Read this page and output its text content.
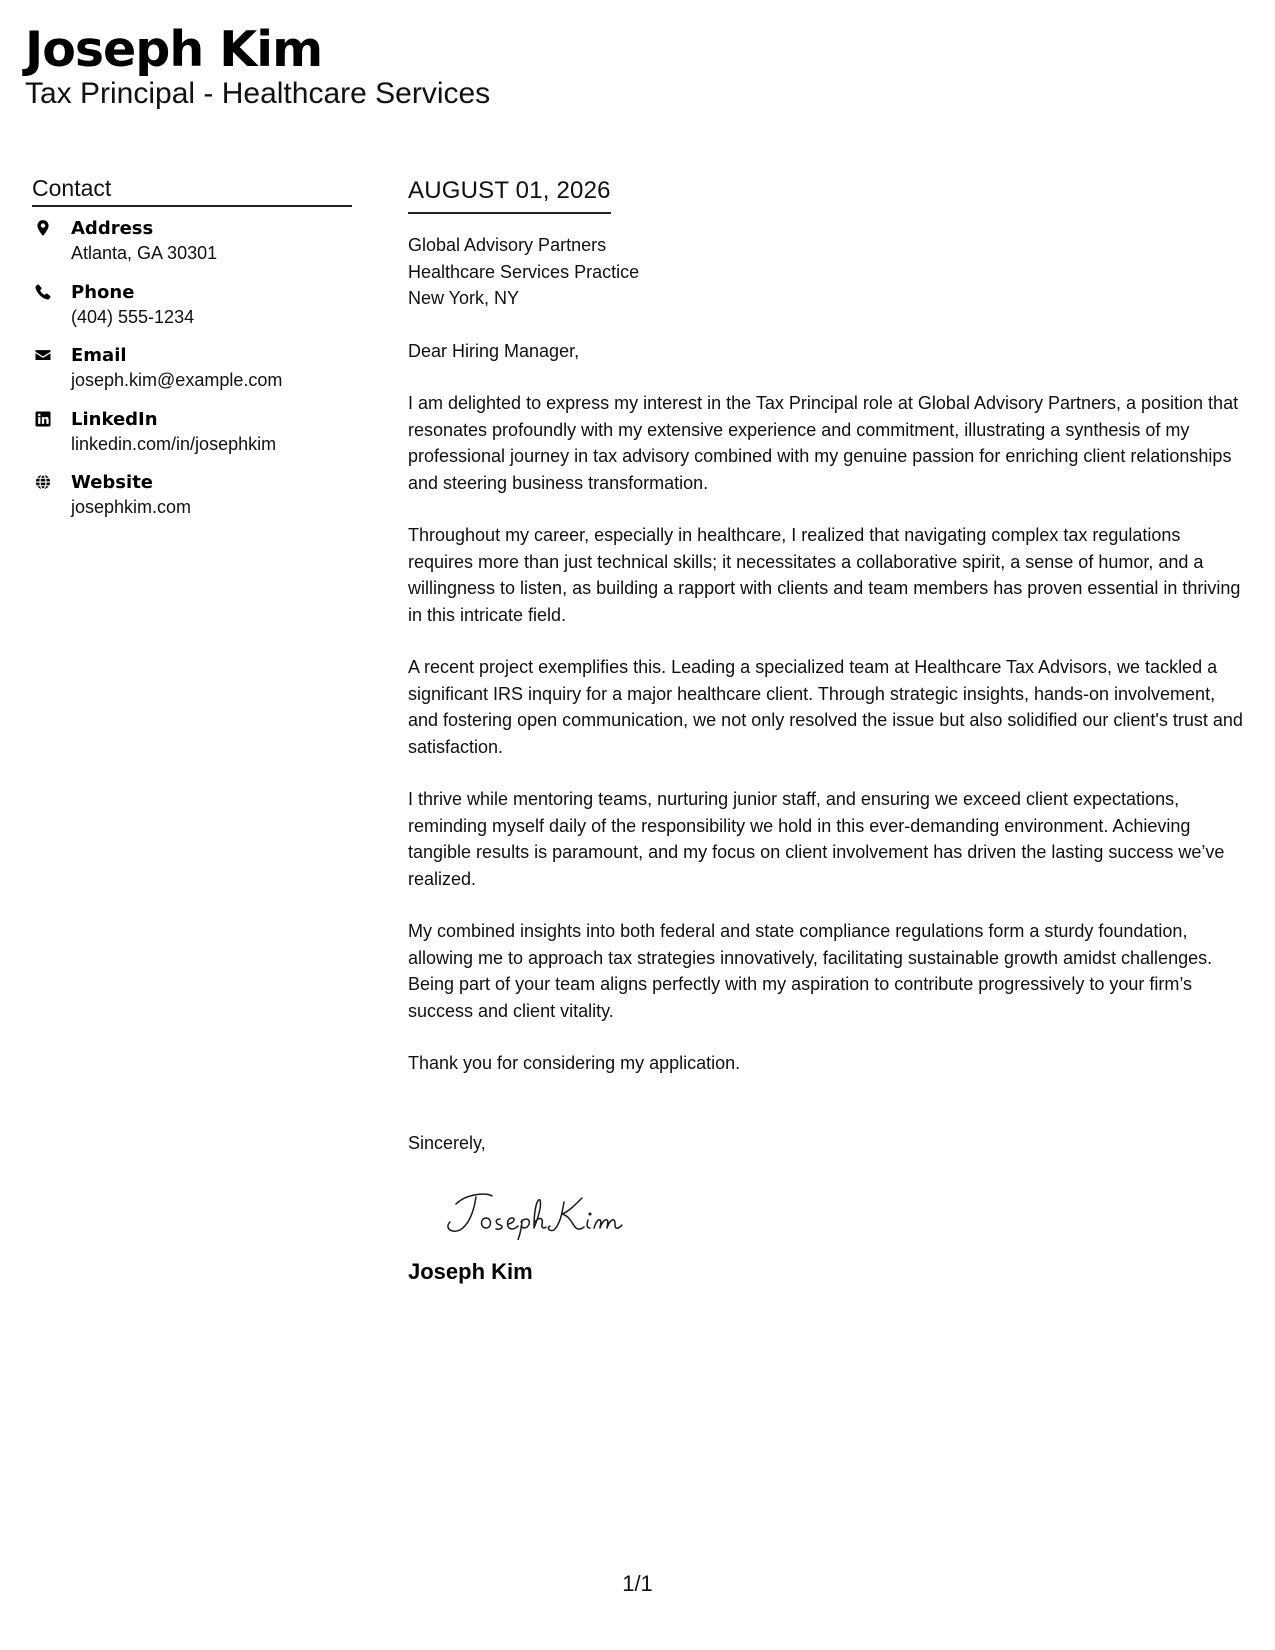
Joseph Kim
Tax Principal - Healthcare Services
Contact
Address
Atlanta, GA 30301
Phone
(404) 555-1234
Email
joseph.kim@example.com
LinkedIn
linkedin.com/in/josephkim
Website
josephkim.com
AUGUST 01, 2026
Global Advisory Partners
Healthcare Services Practice
New York, NY
Dear Hiring Manager,
I am delighted to express my interest in the Tax Principal role at Global Advisory Partners, a position that resonates profoundly with my extensive experience and commitment, illustrating a synthesis of my professional journey in tax advisory combined with my genuine passion for enriching client relationships and steering business transformation.
Throughout my career, especially in healthcare, I realized that navigating complex tax regulations requires more than just technical skills; it necessitates a collaborative spirit, a sense of humor, and a willingness to listen, as building a rapport with clients and team members has proven essential in thriving in this intricate field.
A recent project exemplifies this. Leading a specialized team at Healthcare Tax Advisors, we tackled a significant IRS inquiry for a major healthcare client. Through strategic insights, hands-on involvement, and fostering open communication, we not only resolved the issue but also solidified our client's trust and satisfaction.
I thrive while mentoring teams, nurturing junior staff, and ensuring we exceed client expectations, reminding myself daily of the responsibility we hold in this ever-demanding environment. Achieving tangible results is paramount, and my focus on client involvement has driven the lasting success we’ve realized.
My combined insights into both federal and state compliance regulations form a sturdy foundation, allowing me to approach tax strategies innovatively, facilitating sustainable growth amidst challenges. Being part of your team aligns perfectly with my aspiration to contribute progressively to your firm’s success and client vitality.
Thank you for considering my application.
Sincerely,
Joseph Kim
1/1
